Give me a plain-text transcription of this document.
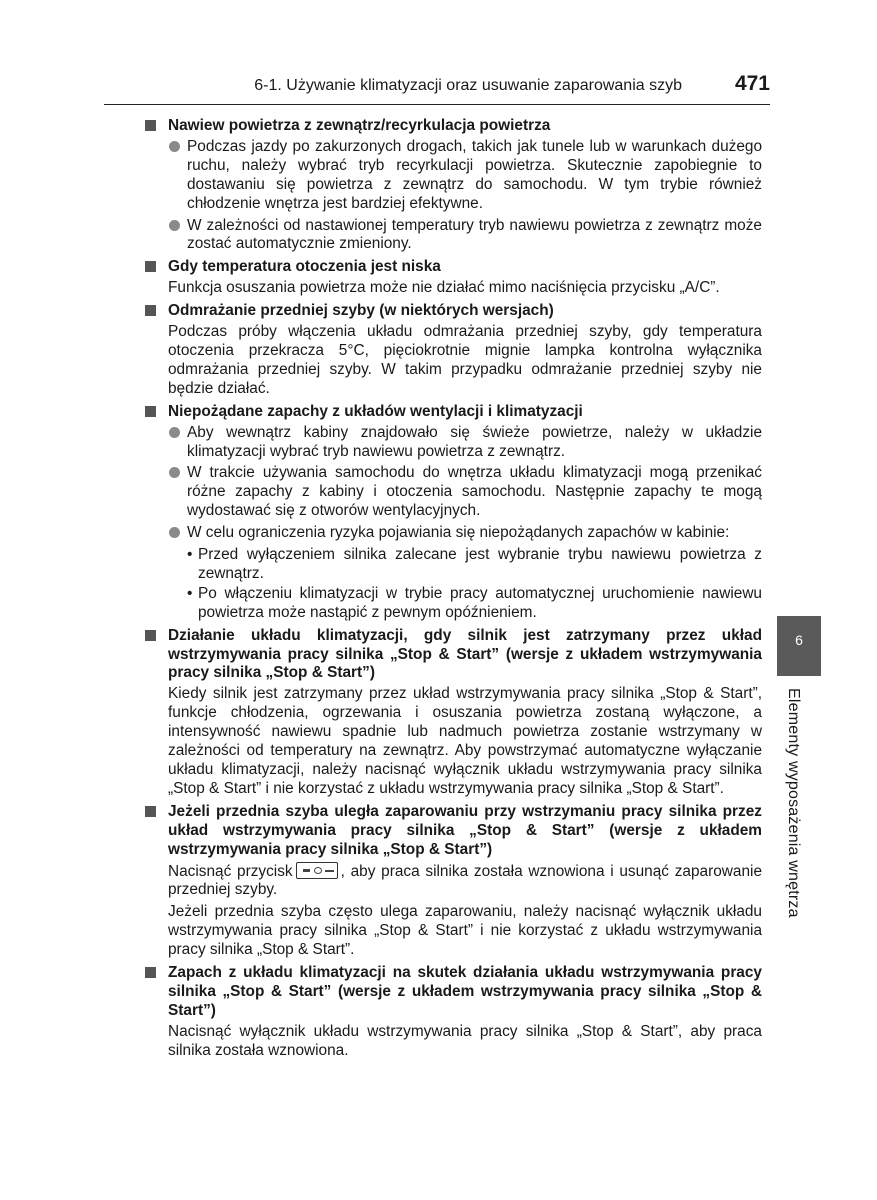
6-1. Używanie klimatyzacji oraz usuwanie zaparowania szyb	471
Nawiew powietrza z zewnątrz/recyrkulacja powietrza
Podczas jazdy po zakurzonych drogach, takich jak tunele lub w warunkach dużego ruchu, należy wybrać tryb recyrkulacji powietrza. Skutecznie zapobiegnie to dostawaniu się powietrza z zewnątrz do samochodu. W tym trybie również chłodzenie wnętrza jest bardziej efektywne.
W zależności od nastawionej temperatury tryb nawiewu powietrza z zewnątrz może zostać automatycznie zmieniony.
Gdy temperatura otoczenia jest niska
Funkcja osuszania powietrza może nie działać mimo naciśnięcia przycisku „A/C”.
Odmrażanie przedniej szyby (w niektórych wersjach)
Podczas próby włączenia układu odmrażania przedniej szyby, gdy temperatura otoczenia przekracza 5°C, pięciokrotnie mignie lampka kontrolna wyłącznika odmrażania przedniej szyby. W takim przypadku odmrażanie przedniej szyby nie będzie działać.
Niepożądane zapachy z układów wentylacji i klimatyzacji
Aby wewnątrz kabiny znajdowało się świeże powietrze, należy w układzie klimatyzacji wybrać tryb nawiewu powietrza z zewnątrz.
W trakcie używania samochodu do wnętrza układu klimatyzacji mogą przenikać różne zapachy z kabiny i otoczenia samochodu. Następnie zapachy te mogą wydostawać się z otworów wentylacyjnych.
W celu ograniczenia ryzyka pojawiania się niepożądanych zapachów w kabinie:
• Przed wyłączeniem silnika zalecane jest wybranie trybu nawiewu powietrza z zewnątrz.
• Po włączeniu klimatyzacji w trybie pracy automatycznej uruchomienie nawiewu powietrza może nastąpić z pewnym opóźnieniem.
Działanie układu klimatyzacji, gdy silnik jest zatrzymany przez układ wstrzymywania pracy silnika „Stop & Start” (wersje z układem wstrzymywania pracy silnika „Stop & Start”)
Kiedy silnik jest zatrzymany przez układ wstrzymywania pracy silnika „Stop & Start”, funkcje chłodzenia, ogrzewania i osuszania powietrza zostaną wyłączone, a intensywność nawiewu spadnie lub nadmuch powietrza zostanie wstrzymany w zależności od temperatury na zewnątrz. Aby powstrzymać automatyczne wyłączanie układu klimatyzacji, należy nacisnąć wyłącznik układu wstrzymywania pracy silnika „Stop & Start” i nie korzystać z układu wstrzymywania pracy silnika „Stop & Start”.
Jeżeli przednia szyba uległa zaparowaniu przy wstrzymaniu pracy silnika przez układ wstrzymywania pracy silnika „Stop & Start” (wersje z układem wstrzymywania pracy silnika „Stop & Start”)
Nacisnąć przycisk	, aby praca silnika została wznowiona i usunąć zaparowanie przedniej szyby.
Jeżeli przednia szyba często ulega zaparowaniu, należy nacisnąć wyłącznik układu wstrzymywania pracy silnika „Stop & Start” i nie korzystać z układu wstrzymywania pracy silnika „Stop & Start”.
Zapach z układu klimatyzacji na skutek działania układu wstrzymywania pracy silnika „Stop & Start” (wersje z układem wstrzymywania pracy silnika „Stop & Start”)
Nacisnąć wyłącznik układu wstrzymywania pracy silnika „Stop & Start”, aby praca silnika została wznowiona.
6
Elementy wyposażenia wnętrza
